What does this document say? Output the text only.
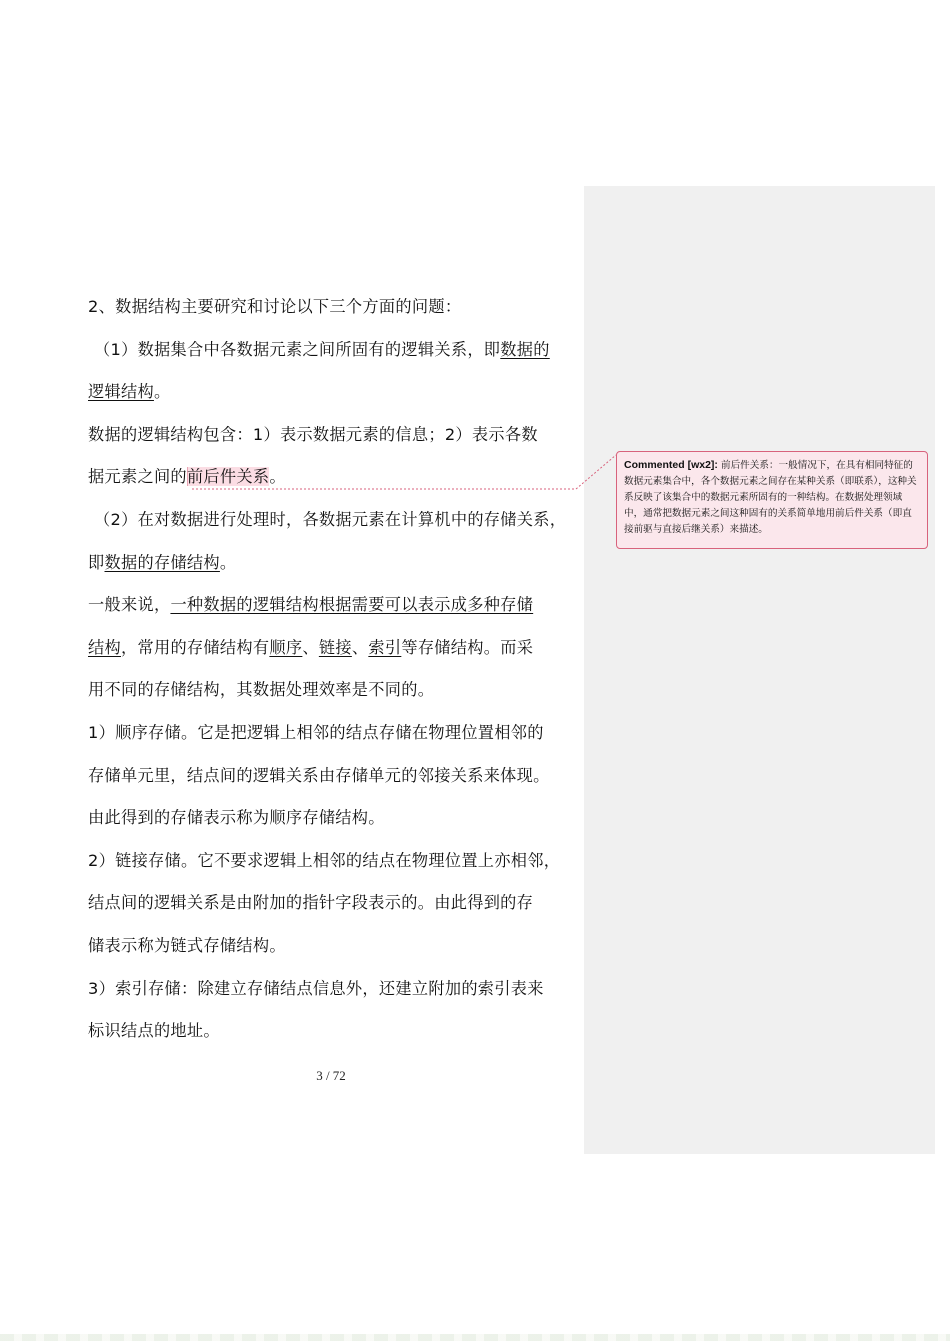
2、数据结构主要研究和讨论以下三个方面的问题：
（1）数据集合中各数据元素之间所固有的逻辑关系，即数据的
逻辑结构。
数据的逻辑结构包含：1）表示数据元素的信息；2）表示各数
据元素之间的前后件关系。
（2）在对数据进行处理时，各数据元素在计算机中的存储关系，
即数据的存储结构。
一般来说，一种数据的逻辑结构根据需要可以表示成多种存储
结构，常用的存储结构有顺序、链接、索引等存储结构。而采
用不同的存储结构，其数据处理效率是不同的。
1）顺序存储。它是把逻辑上相邻的结点存储在物理位置相邻的
存储单元里，结点间的逻辑关系由存储单元的邻接关系来体现。
由此得到的存储表示称为顺序存储结构。
2）链接存储。它不要求逻辑上相邻的结点在物理位置上亦相邻，
结点间的逻辑关系是由附加的指针字段表示的。由此得到的存
储表示称为链式存储结构。
3）索引存储：除建立存储结点信息外，还建立附加的索引表来
标识结点的地址。
Commented [wx2]: 前后件关系：一般情况下，在具有相同特征的数据元素集合中，各个数据元素之间存在某种关系（即联系），这种关系反映了该集合中的数据元素所固有的一种结构。在数据处理领域中，通常把数据元素之间这种固有的关系简单地用前后件关系（即直接前驱与直接后继关系）来描述。
3 / 72
